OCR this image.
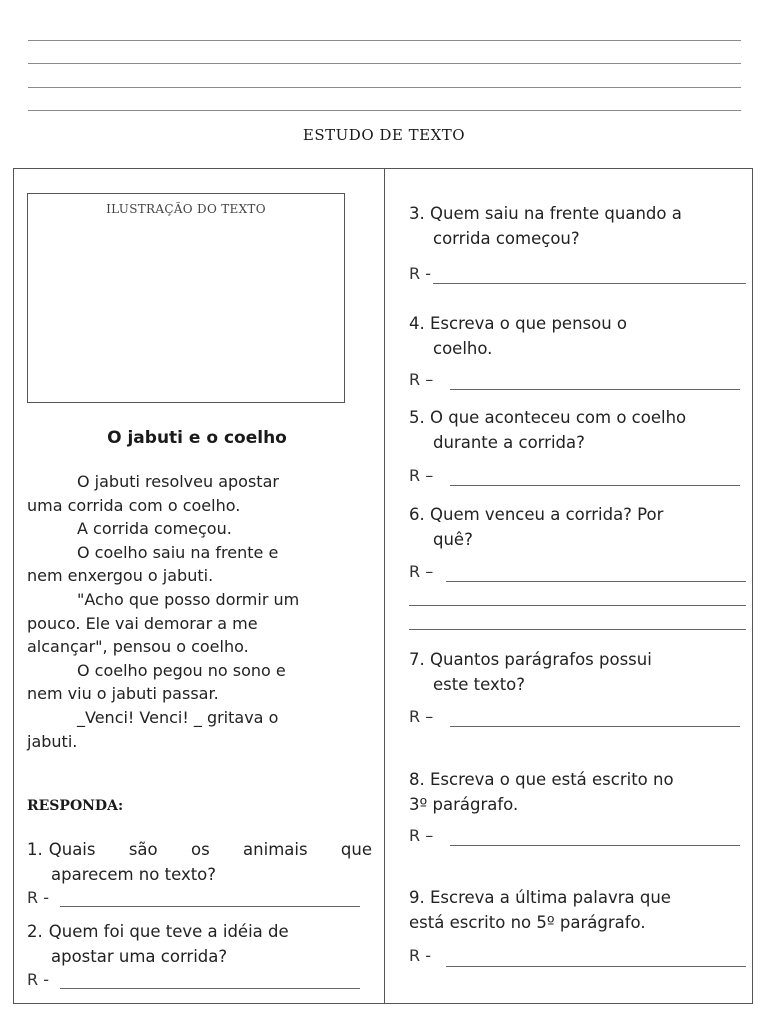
ESTUDO DE TEXTO
ILUSTRAÇÃO DO TEXTO
O jabuti e o coelho
O jabuti resolveu apostar
uma corrida com o coelho.
A corrida começou.
O coelho saiu na frente e
nem enxergou o jabuti.
"Acho que posso dormir um
pouco. Ele vai demorar a me
alcançar", pensou o coelho.
O coelho pegou no sono e
nem viu o jabuti passar.
_Venci! Venci! _ gritava o
jabuti.
RESPONDA:
1. Quais são os animais que
aparecem no texto?
R -
2. Quem foi que teve a idéia de
apostar uma corrida?
R -
3. Quem saiu na frente quando a
corrida começou?
R -
4. Escreva o que pensou o
coelho.
R –
5. O que aconteceu com o coelho
durante a corrida?
R –
6. Quem venceu a corrida? Por
quê?
R –
7. Quantos parágrafos possui
este texto?
R –
8. Escreva o que está escrito no
3º parágrafo.
R –
9. Escreva a última palavra que
está escrito no 5º parágrafo.
R -
